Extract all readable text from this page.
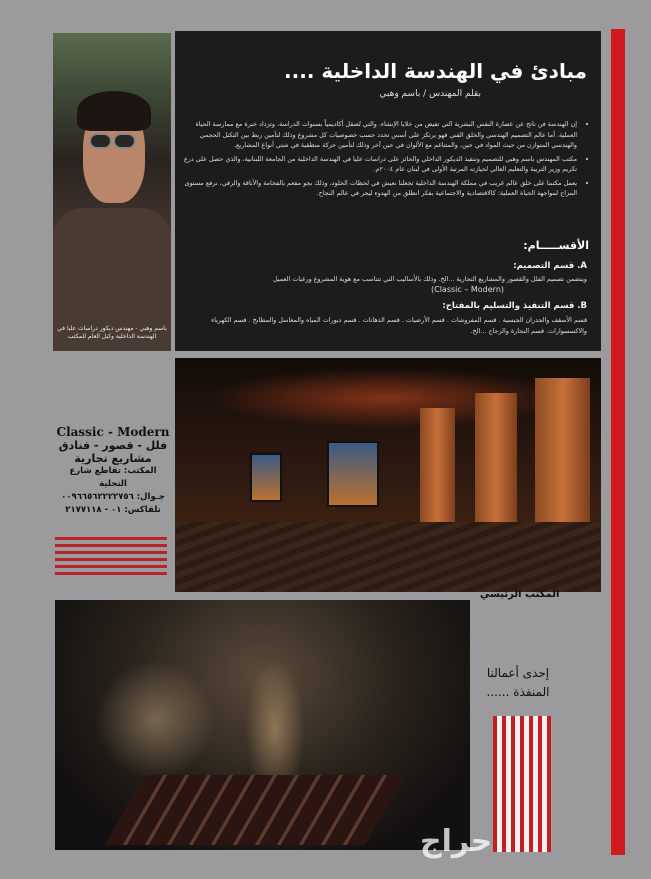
باسم وهبي - مهندس ديكور دراسات عليا في الهندسة الداخلية وكيل العام للمكتب
مبادئ في الهندسة الداخلية ....
بقلم المهندس / باسم وهبي
• إن الهندسة فن ناتج عن عصارة النفس البشرية التي تفيض من خلايا الإنشاء، والتي تُصقل أكاديمياً بسنوات الدراسة، وتزداد خبرة مع ممارسة الحياة العملية. أما عالم التصميم الهندسي والخلق الفني فهو يرتكز على أسس تحدد حسب خصوصيات كل مشروع وذلك لتأمين ربط بين التكتل الحجمي والهندسي المتوازن من حيث المواد في حين، والمتناغم مع الألوان في حين آخر وذلك لتأمين حركة منطقية في شتى أنواع المشاريع.
• مكتب المهندس باسم وهبي للتصميم وتنفيذ الديكور الداخلي والحائز على دراسات عليا في الهندسة الداخلية من الجامعة اللبنانية، والذي حصل على درع تكريم وزير التربية والتعليم العالي لحيازته المرتبة الأولى في لبنان عام ٢٠٠٤م.
• يعمل مكتبنا على خلق عالم غريب في مملكة الهندسة الداخلية تجعلنا نعيش في لحظات الخلود، وذلك بجو مفعم بالفخامة والأناقة والرقي، نرفع مستوى المزاج لمواجهة الحياة العملية: كالاقتصادية والاجتماعية بفكر انطلق من الهدوء ليجر في عالم النجاح.
الأقســـــام:
A. قسم التصميم:
ويتضمن تصميم الفلل والقصور والمشاريع التجارية ...الخ. وذلك بالأساليب التي تتناسب مع هوية المشروع ورغبات العميل
(Classic – Modern)
B. قسم التنفيذ والتسليم بالمفتاح:
قسم الأسقف والجدران الجبسية . قسم المفروشات . قسم الأرضيات . قسم الدهانات . قسم ديورات المياه والمغاسل والمطابخ . قسم الكهرباء والاكسسوارات. قسم النجارة والزجاج ...الخ.
المكتب الرئيسي
Classic - Modern
فلل - قصور - فنادق
مشاريع تجارية
المكتب: تقاطع شارع التحلية
جـوال: ٠٠٩٦٦٥٦٢٢٢٢٧٥٦
تلفاكس: ٠١ - ٢١٧٧١١٨
إحدى أعمالنا
المنفذة ......
حراج
